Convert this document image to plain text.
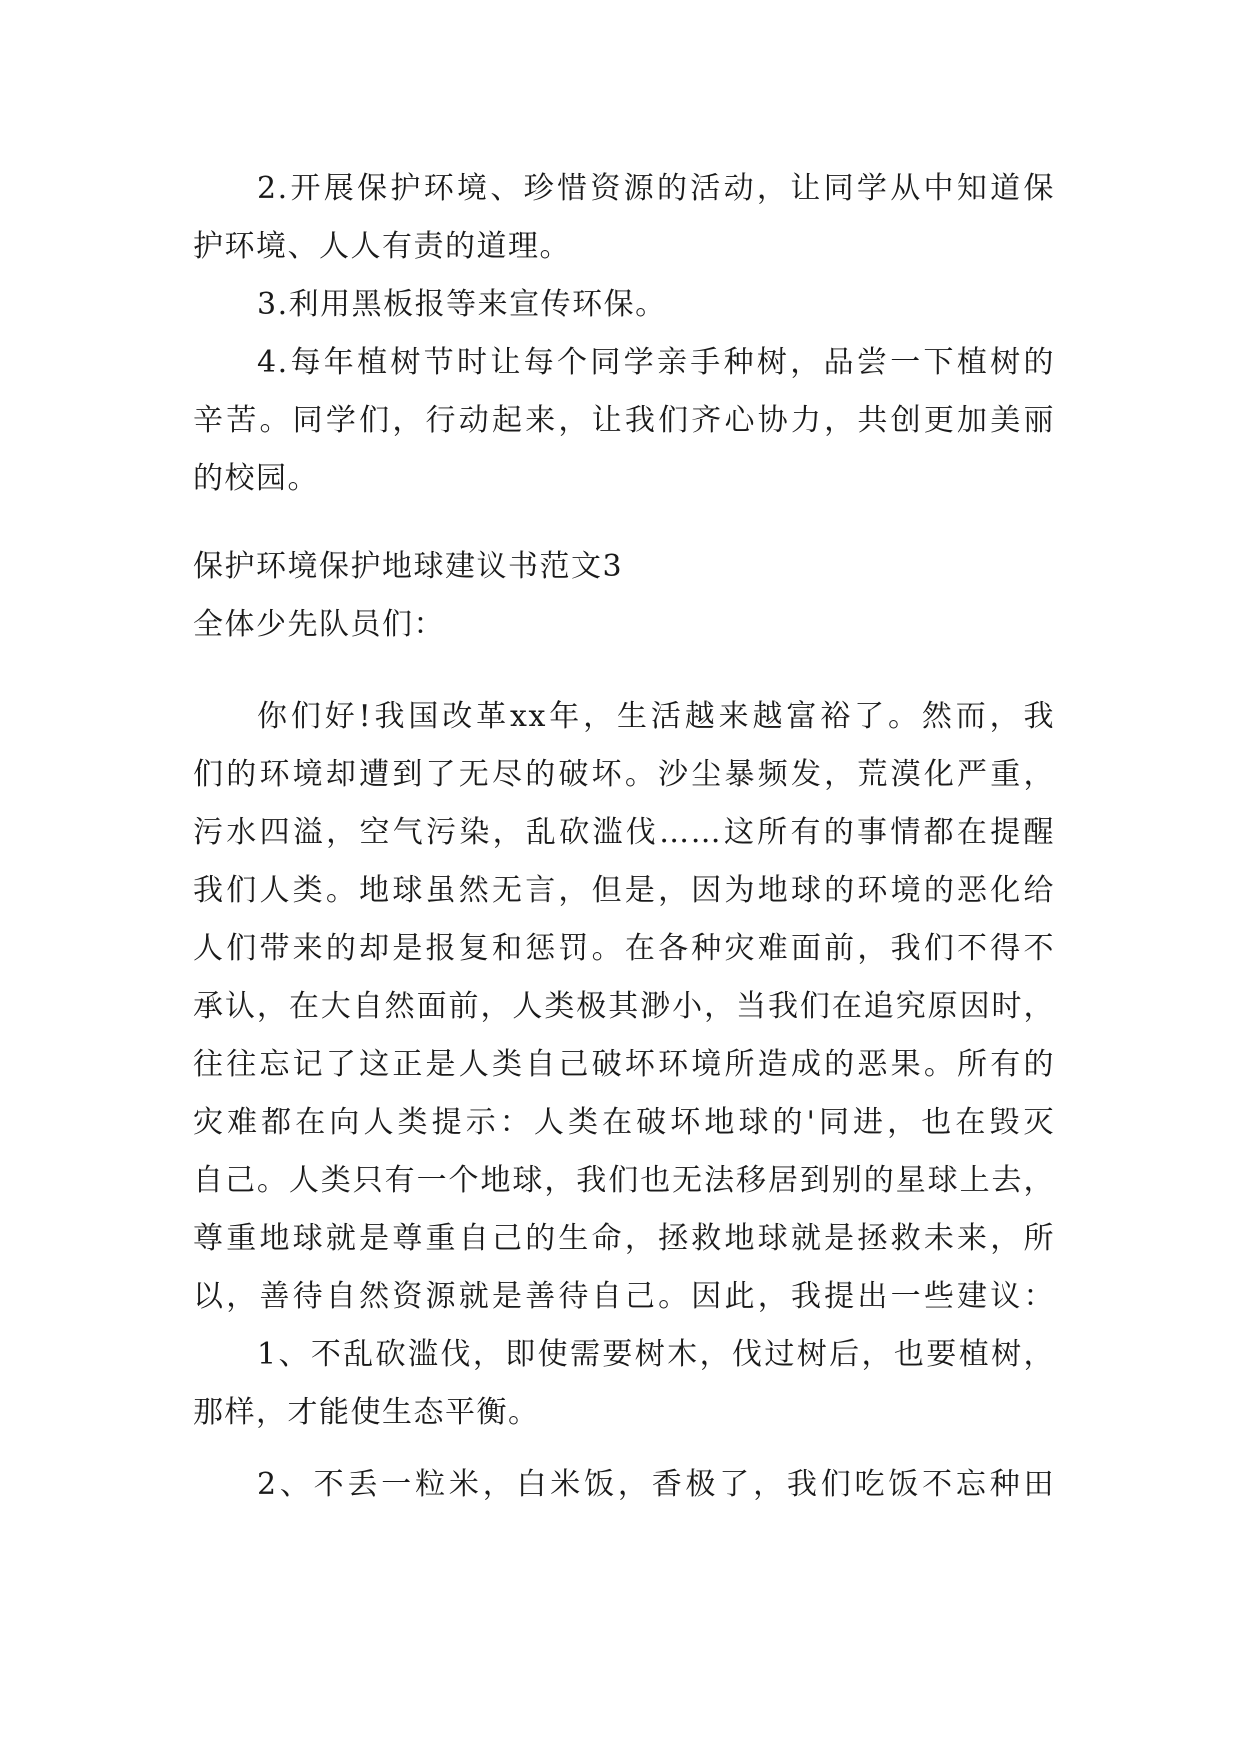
2.开展保护环境、珍惜资源的活动，让同学从中知道保
护环境、人人有责的道理。
3.利用黑板报等来宣传环保。
4.每年植树节时让每个同学亲手种树，品尝一下植树的
辛苦。同学们，行动起来，让我们齐心协力，共创更加美丽
的校园。
保护环境保护地球建议书范文3
全体少先队员们：
你们好!我国改革xx年，生活越来越富裕了。然而，我
们的环境却遭到了无尽的破坏。沙尘暴频发，荒漠化严重，
污水四溢，空气污染，乱砍滥伐……这所有的事情都在提醒
我们人类。地球虽然无言，但是，因为地球的环境的恶化给
人们带来的却是报复和惩罚。在各种灾难面前，我们不得不
承认，在大自然面前，人类极其渺小，当我们在追究原因时，
往往忘记了这正是人类自己破坏环境所造成的恶果。所有的
灾难都在向人类提示：人类在破坏地球的'同进，也在毁灭
自己。人类只有一个地球，我们也无法移居到别的星球上去，
尊重地球就是尊重自己的生命，拯救地球就是拯救未来，所
以，善待自然资源就是善待自己。因此，我提出一些建议：
1、不乱砍滥伐，即使需要树木，伐过树后，也要植树，
那样，才能使生态平衡。
2、不丢一粒米，白米饭，香极了，我们吃饭不忘种田
